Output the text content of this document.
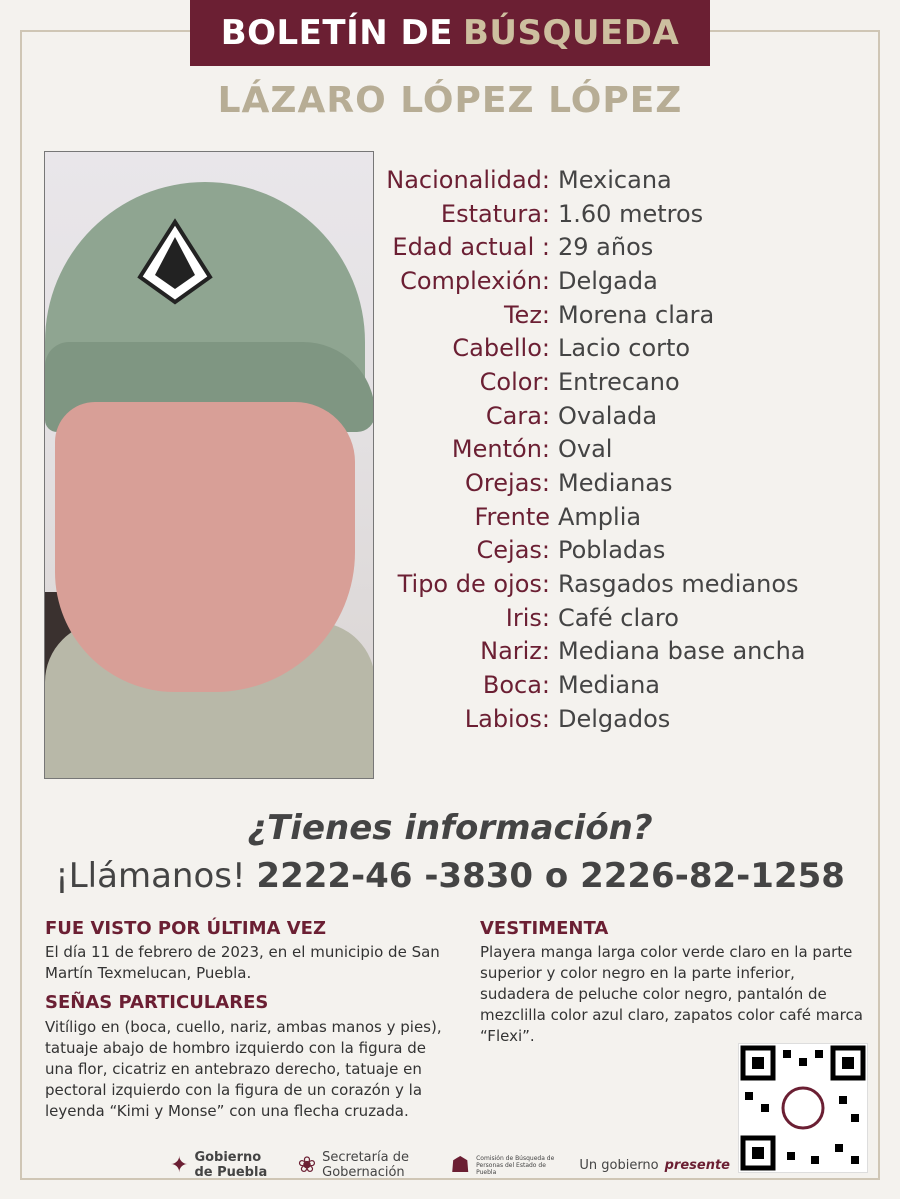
BOLETÍN DE BÚSQUEDA
LÁZARO LÓPEZ LÓPEZ
Nacionalidad: Mexicana
Estatura: 1.60 metros
Edad actual : 29 años
Complexión: Delgada
Tez: Morena clara
Cabello: Lacio corto
Color: Entrecano
Cara: Ovalada
Mentón: Oval
Orejas: Medianas
Frente Amplia
Cejas: Pobladas
Tipo de ojos: Rasgados medianos
Iris: Café claro
Nariz: Mediana base ancha
Boca: Mediana
Labios: Delgados
¿Tienes información?
¡Llámanos! 2222-46 -3830 o 2226-82-1258
FUE VISTO POR ÚLTIMA VEZ
El día 11 de febrero de 2023, en el municipio de San Martín Texmelucan, Puebla.
SEÑAS PARTICULARES
Vitíligo en (boca, cuello, nariz, ambas manos y pies), tatuaje abajo de hombro izquierdo con la figura de una flor, cicatriz en antebrazo derecho, tatuaje en pectoral izquierdo con la figura de un corazón y la leyenda “Kimi y Monse” con una flecha cruzada.
VESTIMENTA
Playera manga larga color verde claro en la parte superior y color negro en la parte inferior, sudadera de peluche color negro, pantalón de mezclilla color azul claro, zapatos color café marca “Flexi”.
✦ Gobierno de Puebla	❀ Secretaría de Gobernación	☗ Comisión de Búsqueda de Personas del Estado de Puebla	Un gobierno presente
